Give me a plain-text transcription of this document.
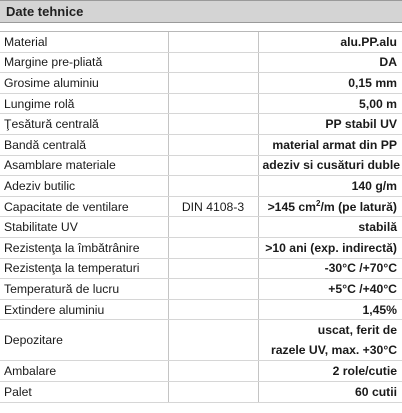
Date tehnice
Material		alu.PP.alu
Margine pre-pliată		DA
Grosime aluminiu		0,15 mm
Lungime rolă		5,00 m
Ţesătură centrală		PP stabil UV
Bandă centrală		material armat din PP
Asamblare materiale		adeziv si cusături duble
Adeziv butilic		140 g/m
Capacitate de ventilare	DIN 4108-3	>145 $cm^2/m$ (pe latură)
Stabilitate UV		stabilă
Rezistenţa la îmbătrânire		>10 ani (exp. indirectă)
Rezistenţa la temperaturi		-30°C /+70°C
Temperatură de lucru		+5°C /+40°C
Extindere aluminiu		1,45%
Depozitare		uscat, ferit de
razele UV, max. +30°C
Ambalare		2 role/cutie
Palet		60 cutii
